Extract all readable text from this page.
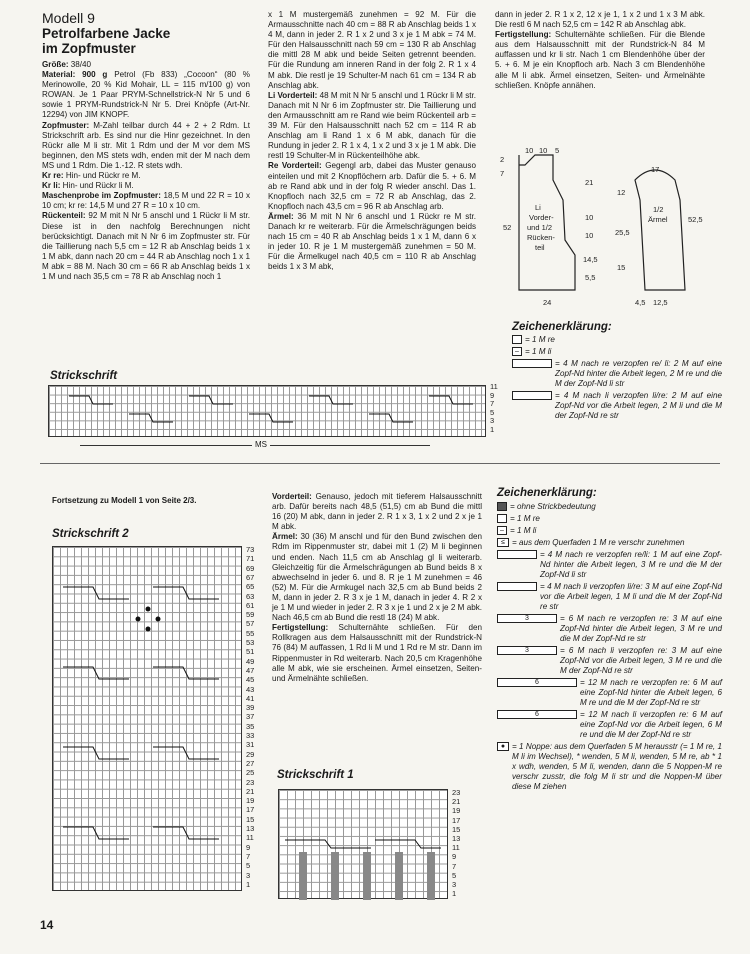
Modell 9
Petrolfarbene Jacke
im Zopfmuster

Größe: 38/40

Material: 900 g Petrol (Fb 833) „Cocoon“ (80 % Merinowolle, 20 % Kid Mohair, LL = 115 m/100 g) von ROWAN. Je 1 Paar PRYM-Schnellstrick-N Nr 5 und 6 sowie 1 PRYM-Rundstrick-N Nr 5. Drei Knöpfe (Art-Nr. 12294) von JIM KNOPF.

Zopfmuster: M-Zahl teilbar durch 44 + 2 + 2 Rdm. Lt Strickschrift arb. Es sind nur die Hinr gezeichnet. In den Rückr alle M li str. Mit 1 Rdm und der M vor dem MS beginnen, den MS stets wdh, enden mit der M nach dem MS und 1 Rdm. Die 1.-12. R stets wdh.

Kr re: Hin- und Rückr re M.

Kr li: Hin- und Rückr li M.

Maschenprobe im Zopfmuster: 18,5 M und 22 R = 10 x 10 cm; kr re: 14,5 M und 27 R = 10 x 10 cm.

Rückenteil: 92 M mit N Nr 5 anschl und 1 Rückr li M str. Diese ist in den nachfolg Berechnungen nicht berücksichtigt. Danach mit N Nr 6 im Zopfmuster str. Für die Taillierung nach 5,5 cm = 12 R ab Anschlag beids 1 x 1 M abk, dann nach 20 cm = 44 R ab Anschlag noch 1 x 1 M abk = 88 M. Nach 30 cm = 66 R ab Anschlag beids 1 x 1 M und nach 35,5 cm = 78 R ab Anschlag noch 1

x 1 M mustergemäß zunehmen = 92 M. Für die Armausschnitte nach 40 cm = 88 R ab Anschlag beids 1 x 4 M, dann in jeder 2. R 1 x 2 und 3 x je 1 M abk = 74 M. Für den Halsausschnitt nach 59 cm = 130 R ab Anschlag die mittl 28 M abk und beide Seiten getrennt beenden. Für die Rundung am inneren Rand in der folg 2. R 1 x 4 M abk. Die restl je 19 Schulter-M nach 61 cm = 134 R ab Anschlag abk.

Li Vorderteil: 48 M mit N Nr 5 anschl und 1 Rückr li M str. Danach mit N Nr 6 im Zopfmuster str. Die Taillierung und den Armausschnitt am re Rand wie beim Rückenteil arb = 39 M. Für den Halsausschnitt nach 52 cm = 114 R ab Anschlag am li Rand 1 x 6 M abk, danach für die Rundung in jeder 2. R 1 x 4, 1 x 2 und 3 x je 1 M abk. Die restl 19 Schulter-M in Rückenteilhöhe abk.

Re Vorderteil: Gegengl arb, dabei das Muster genauso einteilen und mit 2 Knopflöchern arb. Dafür die 5. + 6. M ab re Rand abk und in der folg R wieder anschl. Das 1. Knopfloch nach 32,5 cm = 72 R ab Anschlag, das 2. Knopfloch nach 43,5 cm = 96 R ab Anschlag arb.

Ärmel: 36 M mit N Nr 6 anschl und 1 Rückr re M str. Danach kr re weiterarb. Für die Ärmelschrägungen beids nach 15 cm = 40 R ab Anschlag beids 1 x 1 M, dann 6 x in jeder 10. R je 1 M mustergemäß zunehmen = 50 M. Für die Ärmelkugel nach 40,5 cm = 110 R ab Anschlag beids 1 x 3 M abk,

dann in jeder 2. R 1 x 2, 12 x je 1, 1 x 2 und 1 x 3 M abk. Die restl 6 M nach 52,5 cm = 142 R ab Anschlag abk.

Fertigstellung: Schulternähte schließen. Für die Blende aus dem Halsausschnitt mit der Rundstrick-N 84 M auffassen und kr li str. Nach 1 cm Blendenhöhe über der 5. + 6. M je ein Knopfloch arb. Nach 3 cm Blendenhöhe alle M li abk. Ärmel einsetzen, Seiten- und Ärmelnähte schließen. Knöpfe annähen.

10 10 5
2
7
52
Li
Vorder-
und 1/2
Rücken-
teil
21
10
10
14,5
5,5
24
17
12
25,5
15
1/2
Ärmel	52,5
4,5 12,5
Zeichenerklärung:
= 1 M re
– = 1 M li
= 4 M nach re verzopfen re/ li: 2 M auf eine Zopf-Nd hinter die Arbeit legen, 2 M re und die M der Zopf-Nd li str
= 4 M nach li verzopfen li/re: 2 M auf eine Zopf-Nd vor die Arbeit legen, 2 M li und die M der Zopf-Nd re str
Strickschrift
11
9
7
5
3
1
MS
Fortsetzung zu Modell 1 von Seite 2/3.
Strickschrift 2
73
71
69
67
65
63
61
59
57
55
53
51
49
47
45
43
41
39
37
35
33
31
29
27
25
23
21
19
17
15
13
11
9
7
5
3
1

Vorderteil: Genauso, jedoch mit tieferem Halsausschnitt arb. Dafür bereits nach 48,5 (51,5) cm ab Bund die mittl 16 (20) M abk, dann in jeder 2. R 1 x 3, 1 x 2 und 2 x je 1 M abk.

Ärmel: 30 (36) M anschl und für den Bund zwischen den Rdm im Rippenmuster str, dabei mit 1 (2) M li beginnen und enden. Nach 11,5 cm ab Anschlag gl li weiterarb. Gleichzeitig für die Ärmelschrägungen ab Bund beids 8 x abwechselnd in jeder 6. und 8. R je 1 M zunehmen = 46 (52) M. Für die Armkugel nach 32,5 cm ab Bund beids 2 M, dann in jeder 2. R 3 x je 1 M, danach in jeder 4. R 2 x je 1 M und wieder in jeder 2. R 3 x je 1 und 2 x je 2 M abk. Nach 46,5 cm ab Bund die restl 18 (24) M abk.

Fertigstellung: Schulternähte schließen. Für den Rollkragen aus dem Halsausschnitt mit der Rundstrick-N 76 (84) M auffassen, 1 Rd li M und 1 Rd re M str. Dann im Rippenmuster in Rd weiterarb. Nach 20,5 cm Kragenhöhe alle M abk, wie sie erscheinen. Ärmel einsetzen, Seiten- und Ärmelnähte schließen.

Strickschrift 1
23
21
19
17
15
13
11
9
7
5
3
1
Zeichenerklärung:
= ohne Strickbedeutung
= 1 M re
– = 1 M li
≤ = aus dem Querfaden 1 M re verschr zunehmen
= 4 M nach re verzopfen re/li: 1 M auf eine Zopf-Nd hinter die Arbeit legen, 3 M re und die M der Zopf-Nd li str
= 4 M nach li verzopfen li/re: 3 M auf eine Zopf-Nd vor die Arbeit legen, 1 M li und die M der Zopf-Nd re str
3	= 6 M nach re verzopfen re: 3 M auf eine Zopf-Nd hinter die Arbeit legen, 3 M re und die M der Zopf-Nd re str
3	= 6 M nach li verzopfen re: 3 M auf eine Zopf-Nd vor die Arbeit legen, 3 M re und die M der Zopf-Nd re str
6	= 12 M nach re verzopfen re: 6 M auf eine Zopf-Nd hinter die Arbeit legen, 6 M re und die M der Zopf-Nd re str
6	= 12 M nach li verzopfen re: 6 M auf eine Zopf-Nd vor die Arbeit legen, 6 M re und die M der Zopf-Nd re str
● = 1 Noppe: aus dem Querfaden 5 M herausstr (= 1 M re, 1 M li im Wechsel), * wenden, 5 M li, wenden, 5 M re, ab * 1 x wdh, wenden, 5 M li, wenden, dann die 5 Noppen-M re verschr zusstr, die folg M li str und die Noppen-M über diese M ziehen
14
